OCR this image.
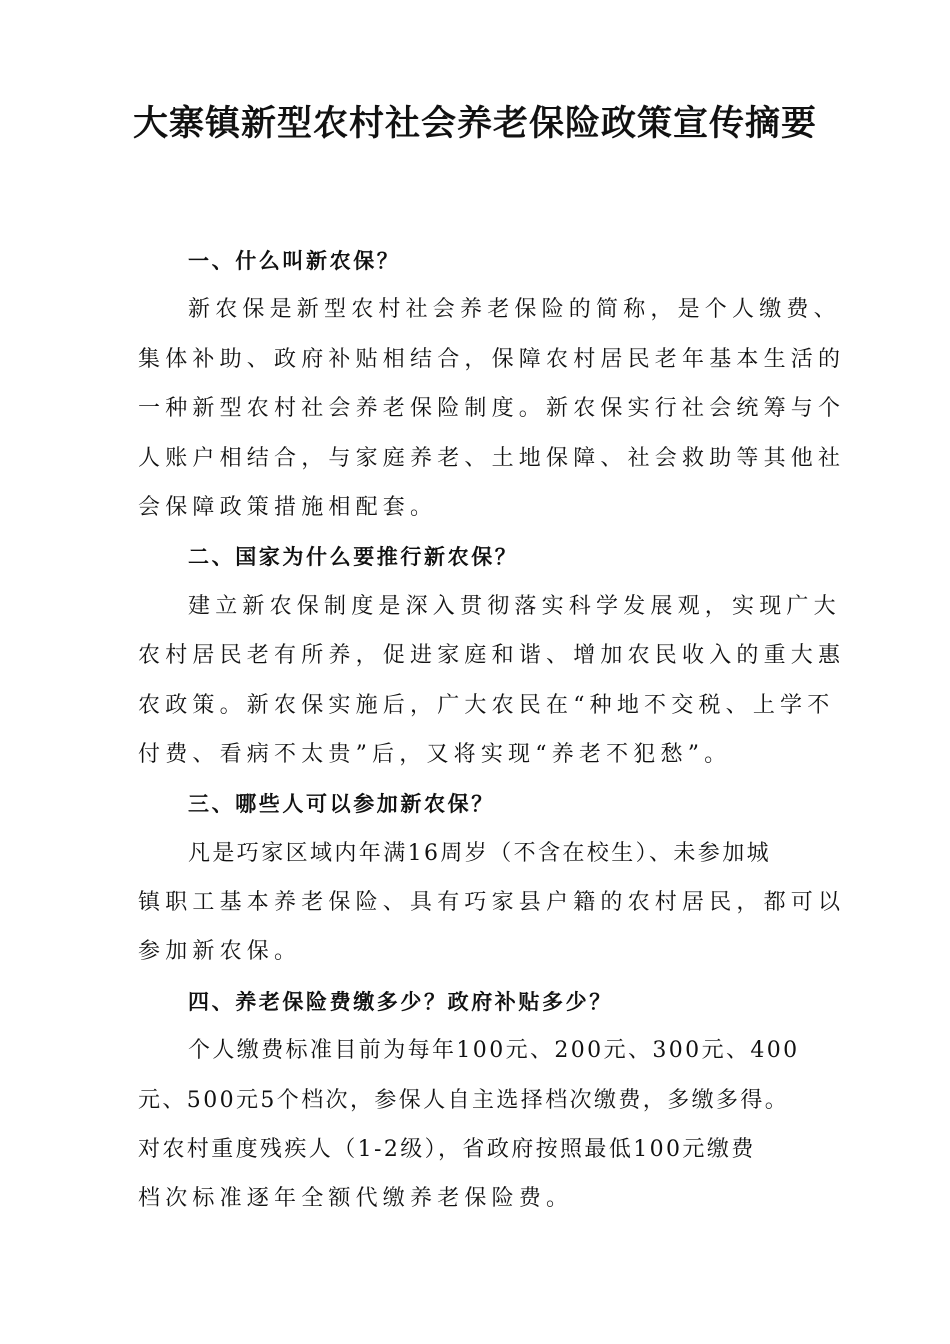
大寨镇新型农村社会养老保险政策宣传摘要

一、什么叫新农保？

新农保是新型农村社会养老保险的简称，是个人缴费、

集体补助、政府补贴相结合，保障农村居民老年基本生活的

一种新型农村社会养老保险制度。新农保实行社会统筹与个

人账户相结合，与家庭养老、土地保障、社会救助等其他社

会保障政策措施相配套。

二、国家为什么要推行新农保？

建立新农保制度是深入贯彻落实科学发展观，实现广大

农村居民老有所养，促进家庭和谐、增加农民收入的重大惠

农政策。新农保实施后，广大农民在“种地不交税、上学不

付费、看病不太贵”后，又将实现“养老不犯愁”。

三、哪些人可以参加新农保？

凡是巧家区域内年满16周岁（不含在校生）、未参加城

镇职工基本养老保险、具有巧家县户籍的农村居民，都可以

参加新农保。

四、养老保险费缴多少？政府补贴多少？

个人缴费标准目前为每年100元、200元、300元、400

元、500元5个档次，参保人自主选择档次缴费，多缴多得。

对农村重度残疾人（1-2级），省政府按照最低100元缴费

档次标准逐年全额代缴养老保险费。
